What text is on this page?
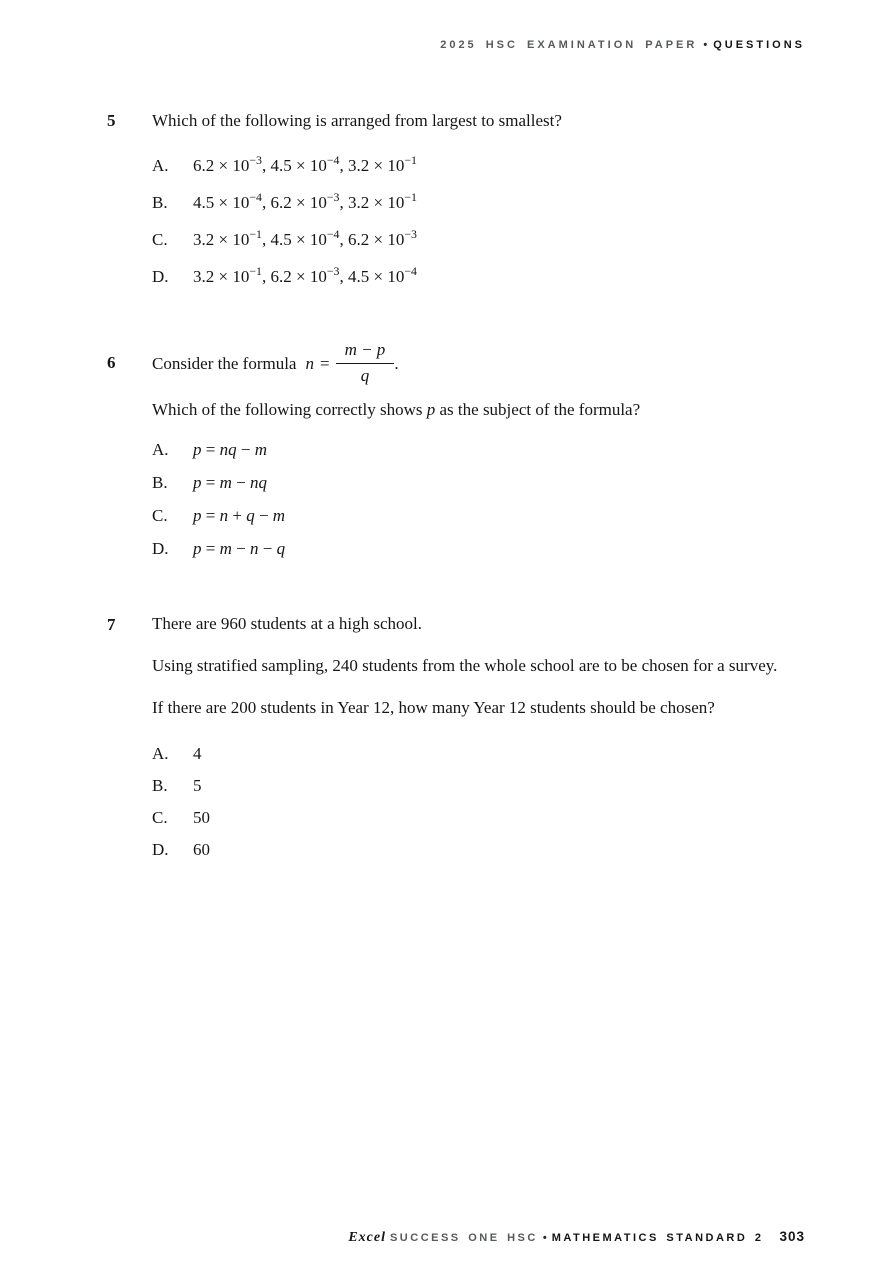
2025 HSC EXAMINATION PAPER • QUESTIONS
5	Which of the following is arranged from largest to smallest?

A.	$6.2 \times 10^{-3}$, $4.5 \times 10^{-4}$, $3.2 \times 10^{-1}$
B.	$4.5 \times 10^{-4}$, $6.2 \times 10^{-3}$, $3.2 \times 10^{-1}$
C.	$3.2 \times 10^{-1}$, $4.5 \times 10^{-4}$, $6.2 \times 10^{-3}$
D.	$3.2 \times 10^{-1}$, $6.2 \times 10^{-3}$, $4.5 \times 10^{-4}$
6	Consider the formula $n = \frac{m - p}{q}$ .

Which of the following correctly shows p as the subject of the formula?

A.	p = nq − m
B.	p = m − nq
C.	p = n + q − m
D.	p = m − n − q
7	There are 960 students at a high school.

Using stratified sampling, 240 students from the whole school are to be chosen for a survey.

If there are 200 students in Year 12, how many Year 12 students should be chosen?

A.	4
B.	5
C.	50
D.	60
Excel SUCCESS ONE HSC • MATHEMATICS STANDARD 2 303
